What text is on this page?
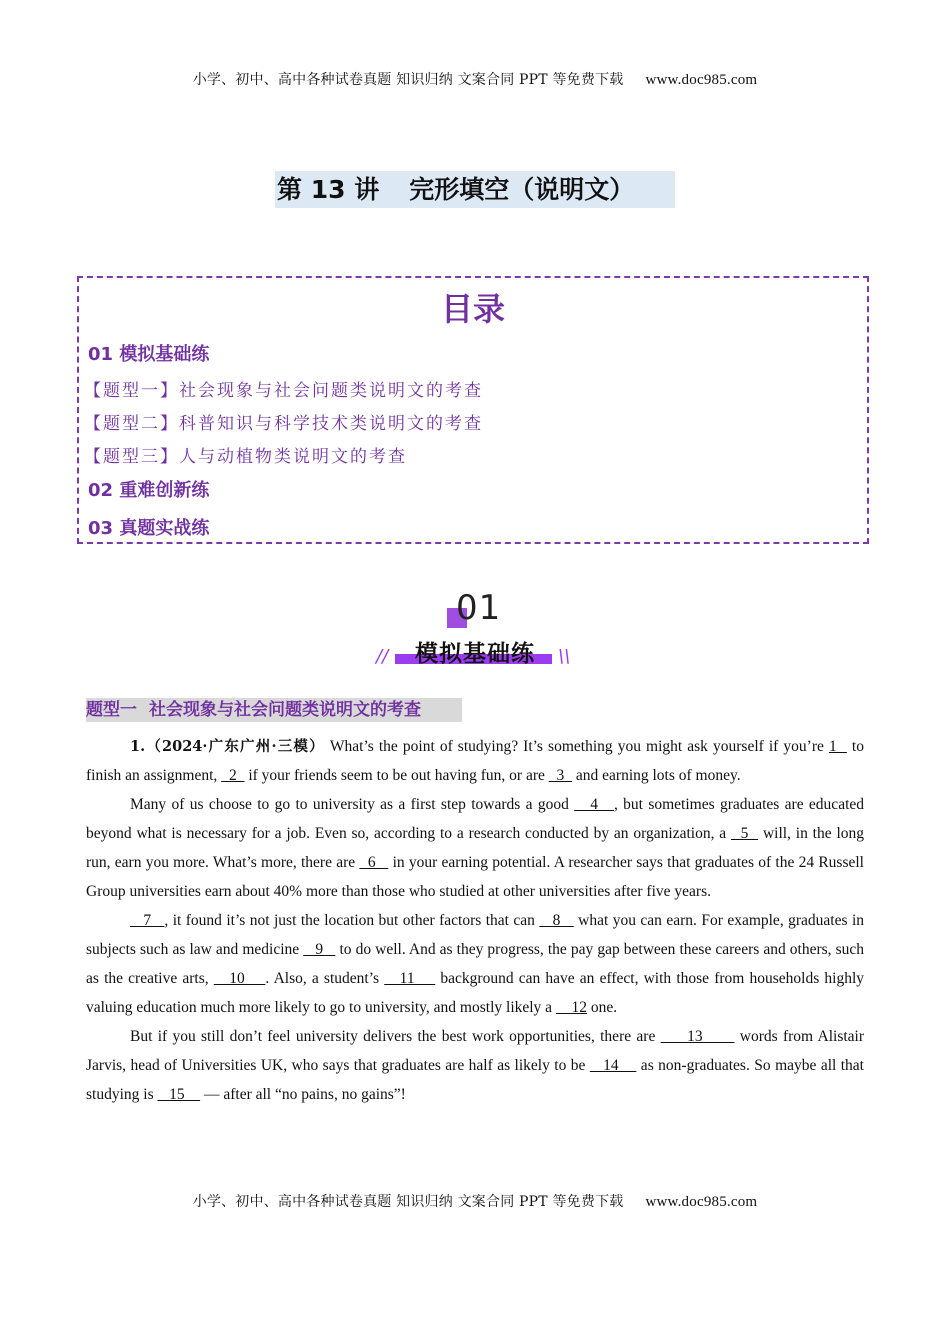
小学、初中、高中各种试卷真题 知识归纳 文案合同 PPT 等免费下载 www.doc985.com
第 13 讲 完形填空（说明文）
目录
01 模拟基础练
【题型一】社会现象与社会问题类说明文的考查
【题型二】科普知识与科学技术类说明文的考查
【题型三】人与动植物类说明文的考查
02 重难创新练
03 真题实战练
01
模拟基础练
//	\\
题型一 社会现象与社会问题类说明文的考查

1.（2024·广东广州·三模） What’s the point of studying? It’s something you might ask yourself if you’re 1   to finish an assignment,   2   if your friends seem to be out having fun, or are   3   and earning lots of money.

Many of us choose to go to university as a first step towards a good    4   , but sometimes graduates are educated beyond what is necessary for a job. Even so, according to a research conducted by an organization, a   5   will, in the long run, earn you more. What’s more, there are   6    in your earning potential. A researcher says that graduates of the 24 Russell Group universities earn about 40% more than those who studied at other universities after five years.

7   , it found it’s not just the location but other factors that can    8    what you can earn. For example, graduates in subjects such as law and medicine    9    to do well. And as they progress, the pay gap between these careers and others, such as the creative arts,    10    . Also, a student’s    11     background can have an effect, with those from households highly valuing education much more likely to go to university, and mostly likely a     12 one.

But if you still don’t feel university delivers the best work opportunities, there are      13       words from Alistair Jarvis, head of Universities UK, who says that graduates are half as likely to be    14     as non-graduates. So maybe all that studying is    15     — after all “no pains, no gains”!

小学、初中、高中各种试卷真题 知识归纳 文案合同 PPT 等免费下载 www.doc985.com
